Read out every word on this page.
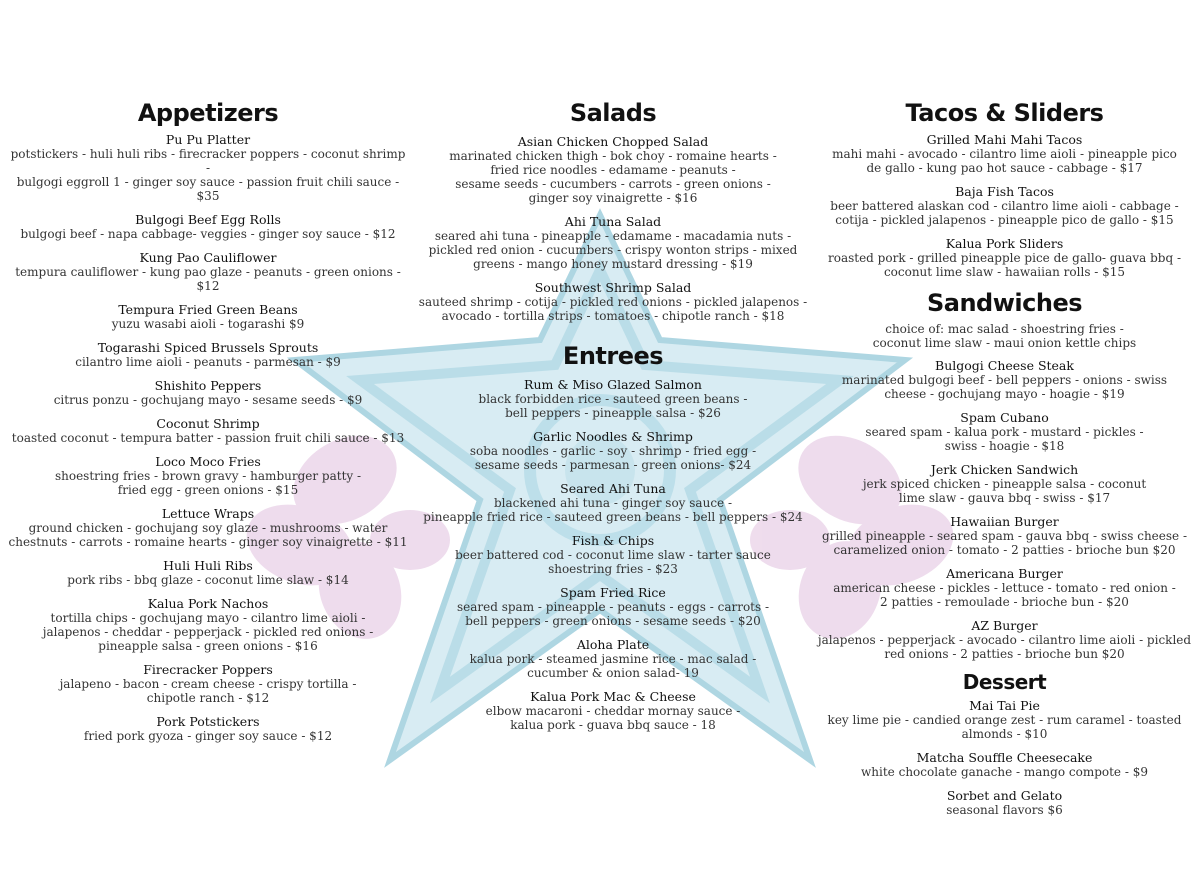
Appetizers
Pu Pu Platter
potstickers - huli huli ribs - firecracker poppers - coconut shrimp -
bulgogi eggroll 1 - ginger soy sauce - passion fruit chili sauce - $35
Bulgogi Beef Egg Rolls
bulgogi beef - napa cabbage- veggies - ginger soy sauce - $12
Kung Pao Cauliflower
tempura cauliflower - kung pao glaze - peanuts - green onions - $12
Tempura Fried Green Beans
yuzu wasabi aioli - togarashi $9
Togarashi Spiced Brussels Sprouts
cilantro lime aioli - peanuts - parmesan - $9
Shishito Peppers
citrus ponzu - gochujang mayo - sesame seeds - $9
Coconut Shrimp
toasted coconut - tempura batter - passion fruit chili sauce - $13
Loco Moco Fries
shoestring fries - brown gravy - hamburger patty -
fried egg - green onions - $15
Lettuce Wraps
ground chicken - gochujang soy glaze - mushrooms - water
chestnuts - carrots - romaine hearts - ginger soy vinaigrette - $11
Huli Huli Ribs
pork ribs - bbq glaze - coconut lime slaw - $14
Kalua Pork Nachos
tortilla chips - gochujang mayo - cilantro lime aioli -
jalapenos - cheddar - pepperjack - pickled red onions -
pineapple salsa - green onions - $16
Firecracker Poppers
jalapeno - bacon - cream cheese - crispy tortilla -
chipotle ranch - $12
Pork Potstickers
fried pork gyoza - ginger soy sauce - $12
Salads
Asian Chicken Chopped Salad
marinated chicken thigh - bok choy - romaine hearts -
fried rice noodles - edamame - peanuts -
sesame seeds - cucumbers - carrots - green onions -
ginger soy vinaigrette - $16
Ahi Tuna Salad
seared ahi tuna - pineapple - edamame - macadamia nuts -
pickled red onion - cucumbers - crispy wonton strips - mixed
greens - mango honey mustard dressing - $19
Southwest Shrimp Salad
sauteed shrimp - cotija - pickled red onions - pickled jalapenos -
avocado - tortilla strips - tomatoes - chipotle ranch - $18
Entrees
Rum & Miso Glazed Salmon
black forbidden rice - sauteed green beans -
bell peppers - pineapple salsa - $26
Garlic Noodles & Shrimp
soba noodles - garlic - soy - shrimp - fried egg -
sesame seeds - parmesan - green onions- $24
Seared Ahi Tuna
blackened ahi tuna - ginger soy sauce -
pineapple fried rice - sauteed green beans - bell peppers - $24
Fish & Chips
beer battered cod - coconut lime slaw - tarter sauce
shoestring fries - $23
Spam Fried Rice
seared spam - pineapple - peanuts - eggs - carrots -
bell peppers - green onions - sesame seeds - $20
Aloha Plate
kalua pork - steamed jasmine rice - mac salad -
cucumber & onion salad- 19
Kalua Pork Mac & Cheese
elbow macaroni - cheddar mornay sauce -
kalua pork - guava bbq sauce - 18
Tacos & Sliders
Grilled Mahi Mahi Tacos
mahi mahi - avocado - cilantro lime aioli - pineapple pico
de gallo - kung pao hot sauce - cabbage - $17
Baja Fish Tacos
beer battered alaskan cod - cilantro lime aioli - cabbage -
cotija - pickled jalapenos - pineapple pico de gallo - $15
Kalua Pork Sliders
roasted pork - grilled pineapple pice de gallo- guava bbq -
coconut lime slaw - hawaiian rolls - $15
Sandwiches
choice of: mac salad - shoestring fries -
coconut lime slaw - maui onion kettle chips
Bulgogi Cheese Steak
marinated bulgogi beef - bell peppers - onions - swiss
cheese - gochujang mayo - hoagie - $19
Spam Cubano
seared spam - kalua pork - mustard - pickles -
swiss - hoagie - $18
Jerk Chicken Sandwich
jerk spiced chicken - pineapple salsa - coconut
lime slaw - gauva bbq - swiss - $17
Hawaiian Burger
grilled pineapple - seared spam - gauva bbq - swiss cheese -
caramelized onion - tomato - 2 patties - brioche bun $20
Americana Burger
american cheese - pickles - lettuce - tomato - red onion -
2 patties - remoulade - brioche bun - $20
AZ Burger
jalapenos - pepperjack - avocado - cilantro lime aioli - pickled
red onions - 2 patties - brioche bun $20
Dessert
Mai Tai Pie
key lime pie - candied orange zest - rum caramel - toasted
almonds - $10
Matcha Souffle Cheesecake
white chocolate ganache - mango compote - $9
Sorbet and Gelato
seasonal flavors $6
